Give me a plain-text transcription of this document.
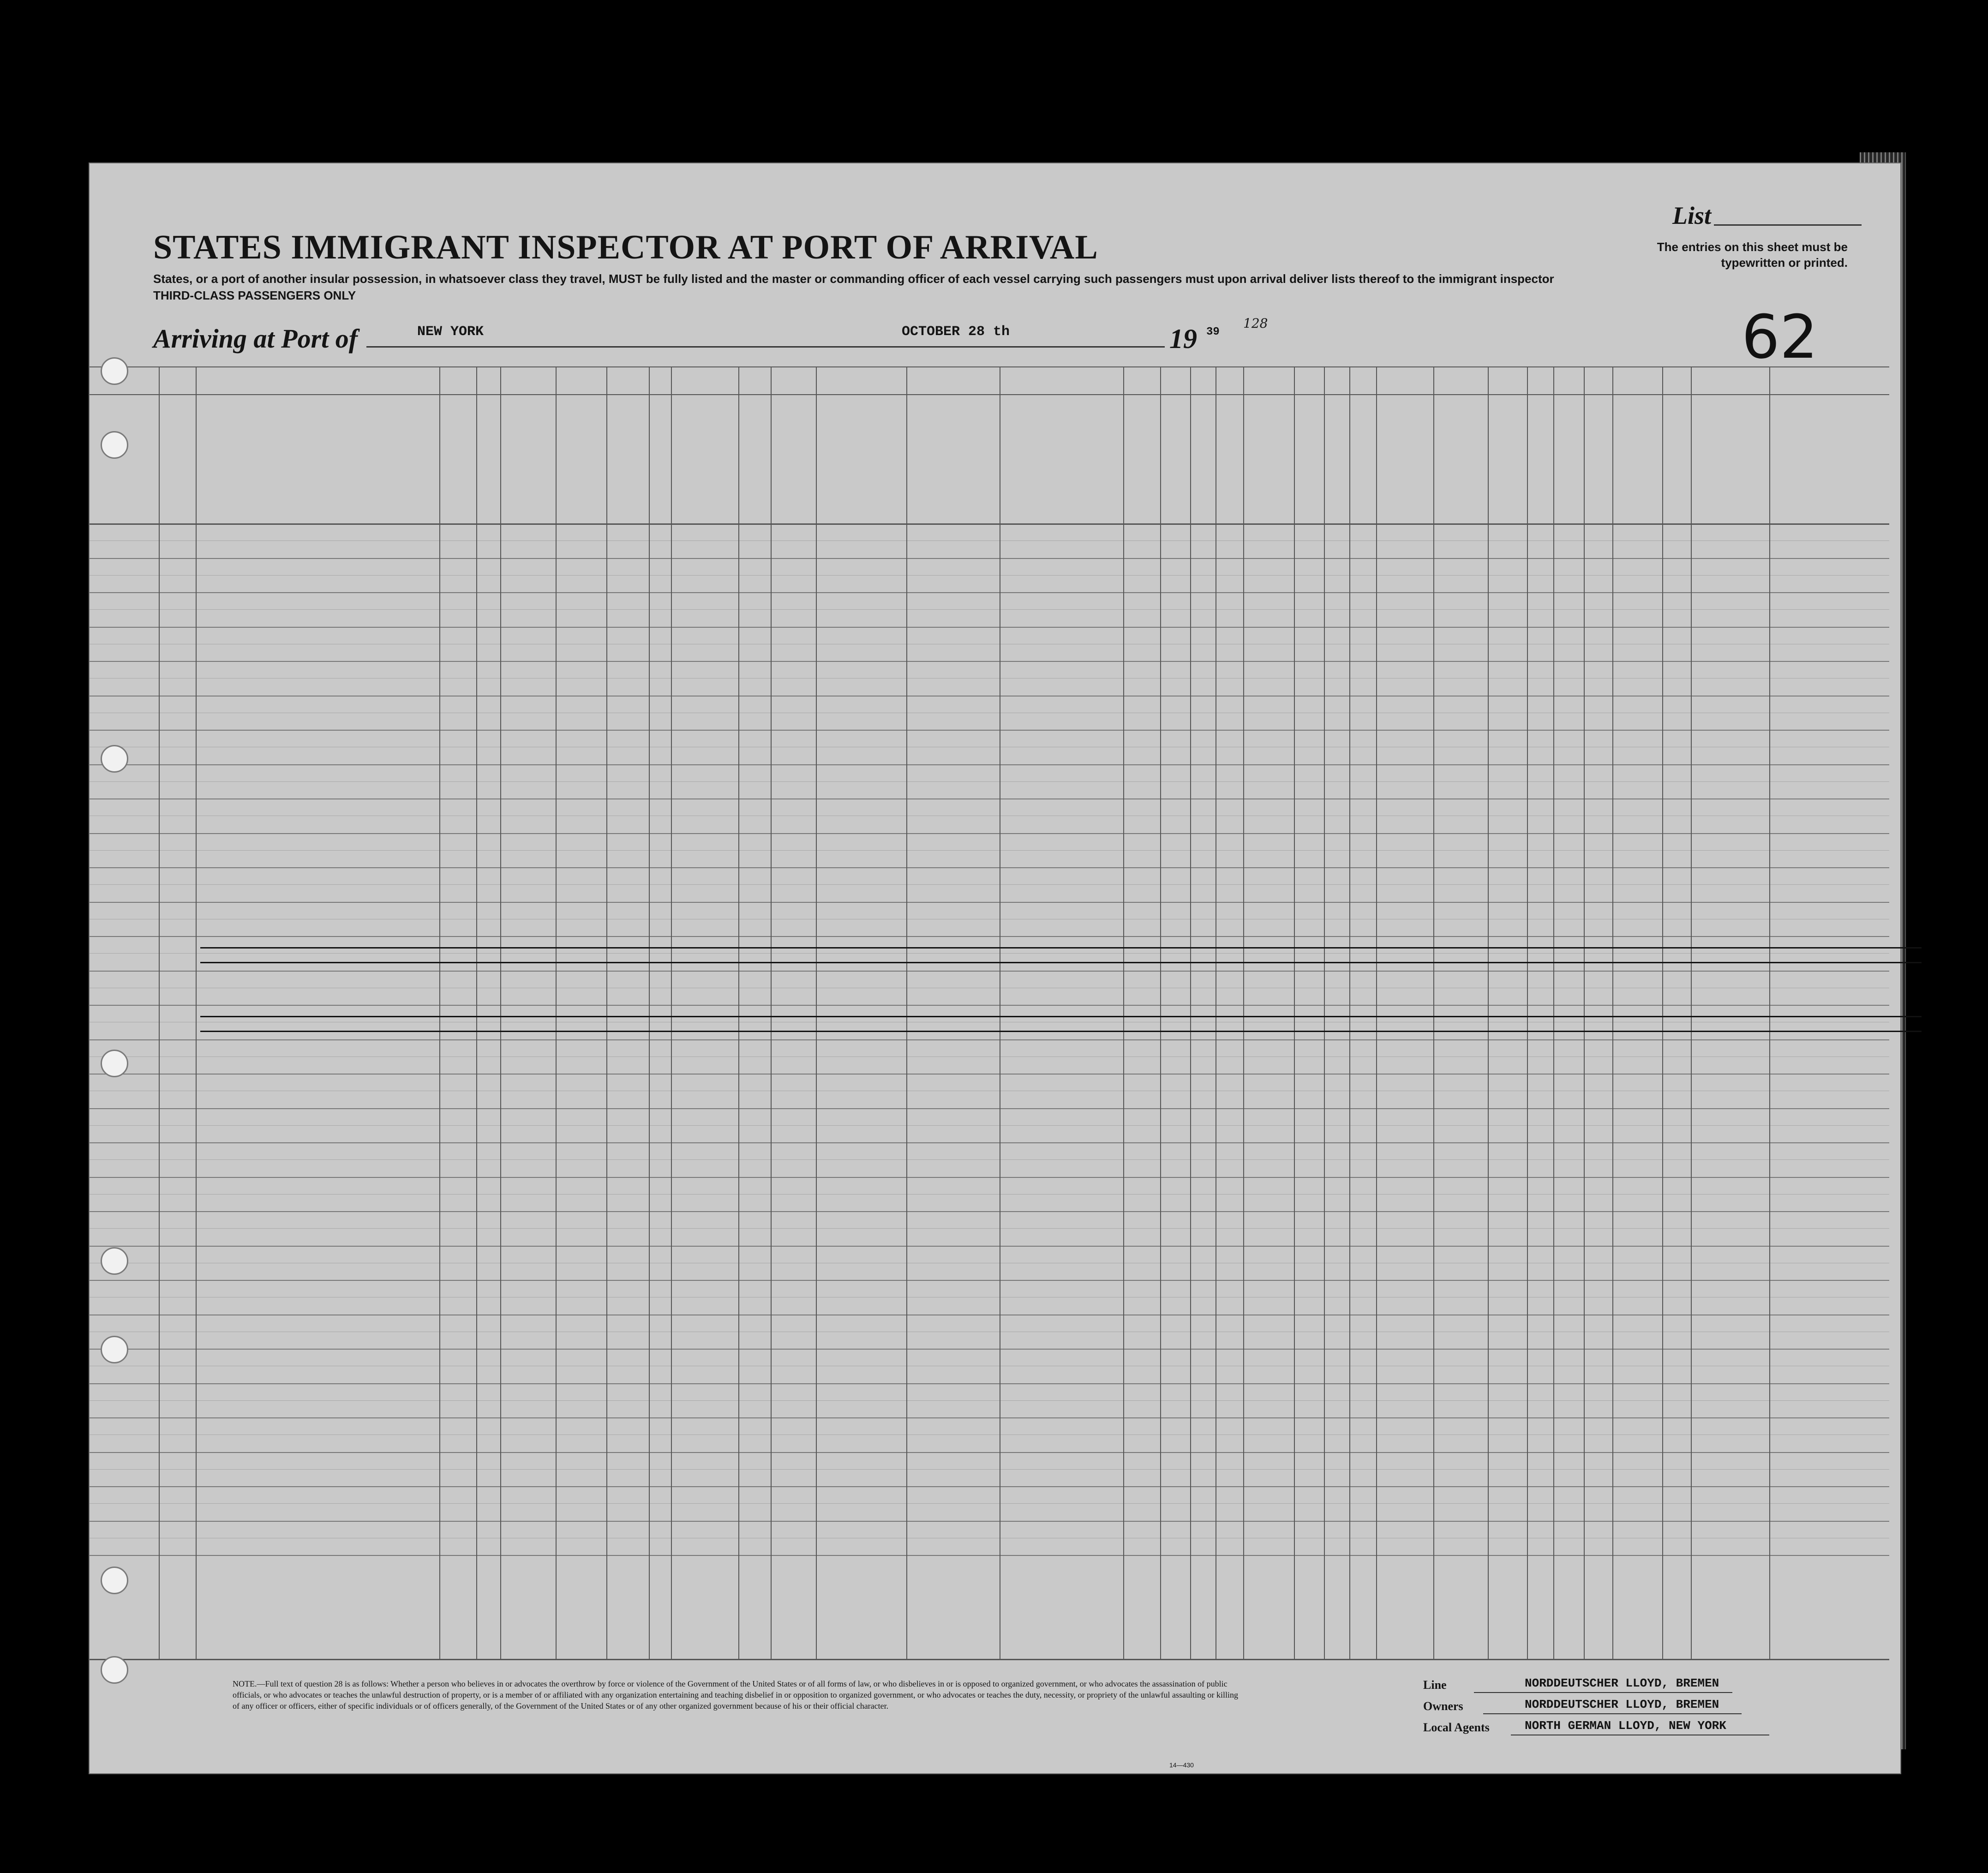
STATES IMMIGRANT INSPECTOR AT PORT OF ARRIVAL
States, or a port of another insular possession, in whatsoever class they travel, MUST be fully listed and the master or commanding officer of each vessel carrying such passengers must upon arrival deliver lists thereof to the immigrant inspector
THIRD-CLASS PASSENGERS ONLY
List
The entries on this sheet must be typewritten or printed.
Arriving at Port of	NEW YORK	OCTOBER 28 th	19 39
128	62
NOTE.—Full text of question 28 is as follows: Whether a person who believes in or advocates the overthrow by force or violence of the Government of the United States or of all forms of law, or who disbelieves in or is opposed to organized government, or who advocates the assassination of public officials, or who advocates or teaches the unlawful destruction of property, or is a member of or affiliated with any organization entertaining and teaching disbelief in or opposition to organized government, or who advocates or teaches the duty, necessity, or propriety of the unlawful assaulting or killing of any officer or officers, either of specific individuals or of officers generally, of the Government of the United States or of any other organized government because of his or their official character.
14—430
Line	NORDDEUTSCHER LLOYD, BREMEN
Owners	NORDDEUTSCHER LLOYD, BREMEN
Local Agents	NORTH GERMAN LLOYD, NEW YORK
